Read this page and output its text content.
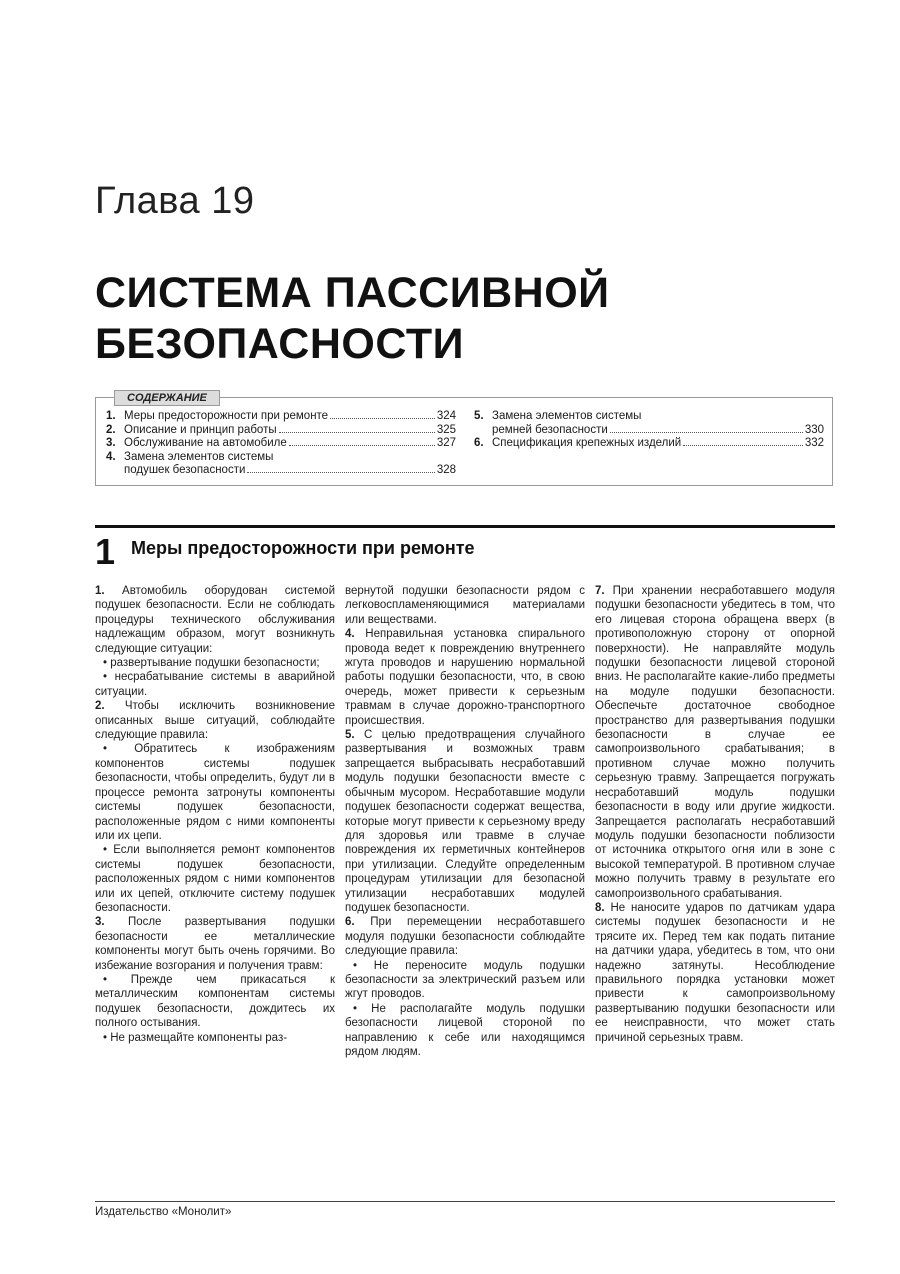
Глава 19
СИСТЕМА ПАССИВНОЙ БЕЗОПАСНОСТИ
СОДЕРЖАНИЕ
1. Меры предосторожности при ремонте	324
2. Описание и принцип работы	325
3. Обслуживание на автомобиле	327
4. Замена элементов системы
подушек безопасности	328
5. Замена элементов системы
ремней безопасности	330
6. Спецификация крепежных изделий	332
1 Меры предосторожности при ремонте

1. Автомобиль оборудован системой подушек безопасности. Если не соблюдать процедуры технического обслуживания надлежащим образом, могут возникнуть следующие ситуации:

• развертывание подушки безопасности;

• несрабатывание системы в аварийной ситуации.

2. Чтобы исключить возникновение описанных выше ситуаций, соблюдайте следующие правила:

• Обратитесь к изображениям компонентов системы подушек безопасности, чтобы определить, будут ли в процессе ремонта затронуты компоненты системы подушек безопасности, расположенные рядом с ними компоненты или их цепи.

• Если выполняется ремонт компонентов системы подушек безопасности, расположенных рядом с ними компонентов или их цепей, отключите систему подушек безопасности.

3. После развертывания подушки безопасности ее металлические компоненты могут быть очень горячими. Во избежание возгорания и получения травм:

• Прежде чем прикасаться к металлическим компонентам системы подушек безопасности, дождитесь их полного остывания.

• Не размещайте компоненты раз-

вернутой подушки безопасности рядом с легковоспламеняющимися материалами или веществами.

4. Неправильная установка спирального провода ведет к повреждению внутреннего жгута проводов и нарушению нормальной работы подушки безопасности, что, в свою очередь, может привести к серьезным травмам в случае дорожно-транспортного происшествия.

5. С целью предотвращения случайного развертывания и возможных травм запрещается выбрасывать несработавший модуль подушки безопасности вместе с обычным мусором. Несработавшие модули подушек безопасности содержат вещества, которые могут привести к серьезному вреду для здоровья или травме в случае повреждения их герметичных контейнеров при утилизации. Следуйте определенным процедурам утилизации для безопасной утилизации несработавших модулей подушек безопасности.

6. При перемещении несработавшего модуля подушки безопасности соблюдайте следующие правила:

• Не переносите модуль подушки безопасности за электрический разъем или жгут проводов.

• Не располагайте модуль подушки безопасности лицевой стороной по направлению к себе или находящимся рядом людям.

7. При хранении несработавшего модуля подушки безопасности убедитесь в том, что его лицевая сторона обращена вверх (в противоположную сторону от опорной поверхности). Не направляйте модуль подушки безопасности лицевой стороной вниз. Не располагайте какие-либо предметы на модуле подушки безопасности. Обеспечьте достаточное свободное пространство для развертывания подушки безопасности в случае ее самопроизвольного срабатывания; в противном случае можно получить серьезную травму. Запрещается погружать несработавший модуль подушки безопасности в воду или другие жидкости. Запрещается располагать несработавший модуль подушки безопасности поблизости от источника открытого огня или в зоне с высокой температурой. В противном случае можно получить травму в результате его самопроизвольного срабатывания.

8. Не наносите ударов по датчикам удара системы подушек безопасности и не трясите их. Перед тем как подать питание на датчики удара, убедитесь в том, что они надежно затянуты. Несоблюдение правильного порядка установки может привести к самопроизвольному развертыванию подушки безопасности или ее неисправности, что может стать причиной серьезных травм.

Издательство «Монолит»
